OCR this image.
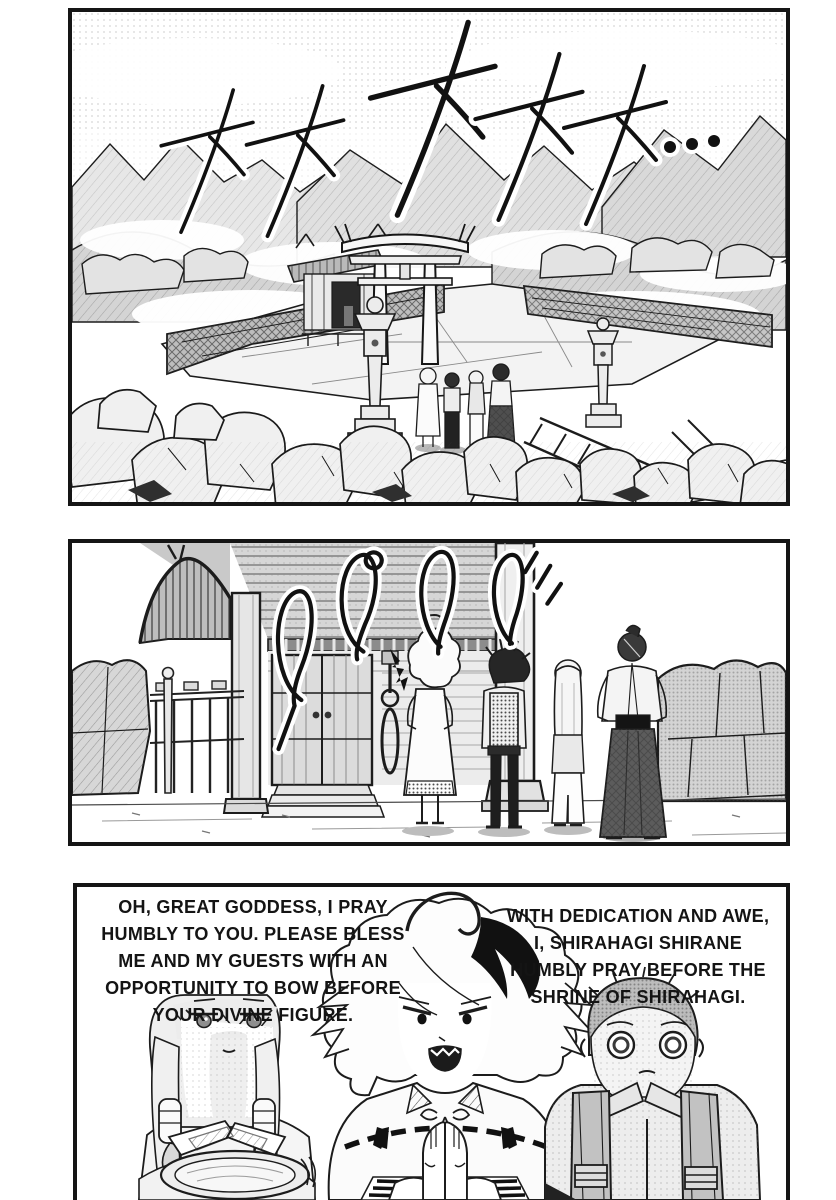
OH, GREAT GODDESS, I PRAY
HUMBLY TO YOU. PLEASE BLESS
ME AND MY GUESTS WITH AN
OPPORTUNITY TO BOW BEFORE
YOUR DIVINE FIGURE.
WITH DEDICATION AND AWE,
I, SHIRAHAGI SHIRANE
HUMBLY PRAY BEFORE THE
SHRINE OF SHIRAHAGI.
